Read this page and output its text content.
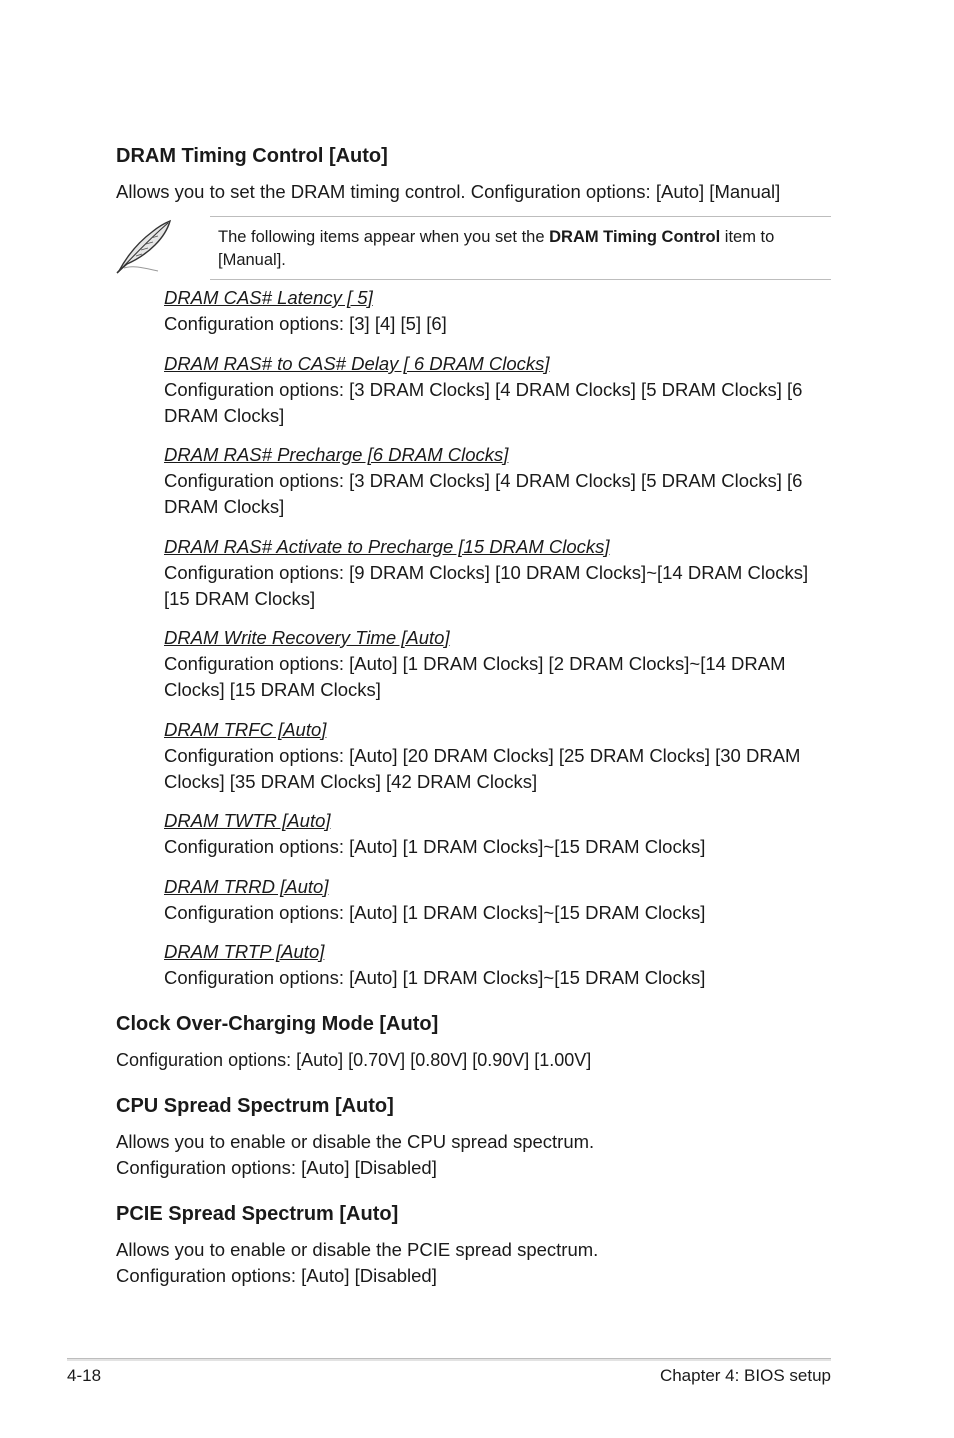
DRAM Timing Control [Auto]

Allows you to set the DRAM timing control. Configuration options: [Auto] [Manual]

The following items appear when you set the DRAM Timing Control item to [Manual].
DRAM CAS# Latency [ 5]
Configuration options: [3] [4] [5] [6]
DRAM RAS# to CAS# Delay [ 6 DRAM Clocks]
Configuration options: [3 DRAM Clocks] [4 DRAM Clocks] [5 DRAM Clocks] [6 DRAM Clocks]
DRAM RAS# Precharge [6 DRAM Clocks]
Configuration options: [3 DRAM Clocks] [4 DRAM Clocks] [5 DRAM Clocks] [6 DRAM Clocks]
DRAM RAS# Activate to Precharge [15 DRAM Clocks]
Configuration options: [9 DRAM Clocks] [10 DRAM Clocks]~[14 DRAM Clocks] [15 DRAM Clocks]
DRAM Write Recovery Time [Auto]
Configuration options: [Auto] [1 DRAM Clocks] [2 DRAM Clocks]~[14 DRAM Clocks] [15 DRAM Clocks]
DRAM TRFC [Auto]
Configuration options: [Auto] [20 DRAM Clocks] [25 DRAM Clocks] [30 DRAM Clocks] [35 DRAM Clocks] [42 DRAM Clocks]
DRAM TWTR [Auto]
Configuration options: [Auto] [1 DRAM Clocks]~[15 DRAM Clocks]
DRAM TRRD [Auto]
Configuration options: [Auto] [1 DRAM Clocks]~[15 DRAM Clocks]
DRAM TRTP [Auto]
Configuration options: [Auto] [1 DRAM Clocks]~[15 DRAM Clocks]
Clock Over-Charging Mode [Auto]

Configuration options: [Auto] [0.70V] [0.80V] [0.90V] [1.00V]

CPU Spread Spectrum [Auto]

Allows you to enable or disable the CPU spread spectrum.

Configuration options: [Auto] [Disabled]

PCIE Spread Spectrum [Auto]

Allows you to enable or disable the PCIE spread spectrum.

Configuration options: [Auto] [Disabled]

4-18	Chapter 4: BIOS setup
